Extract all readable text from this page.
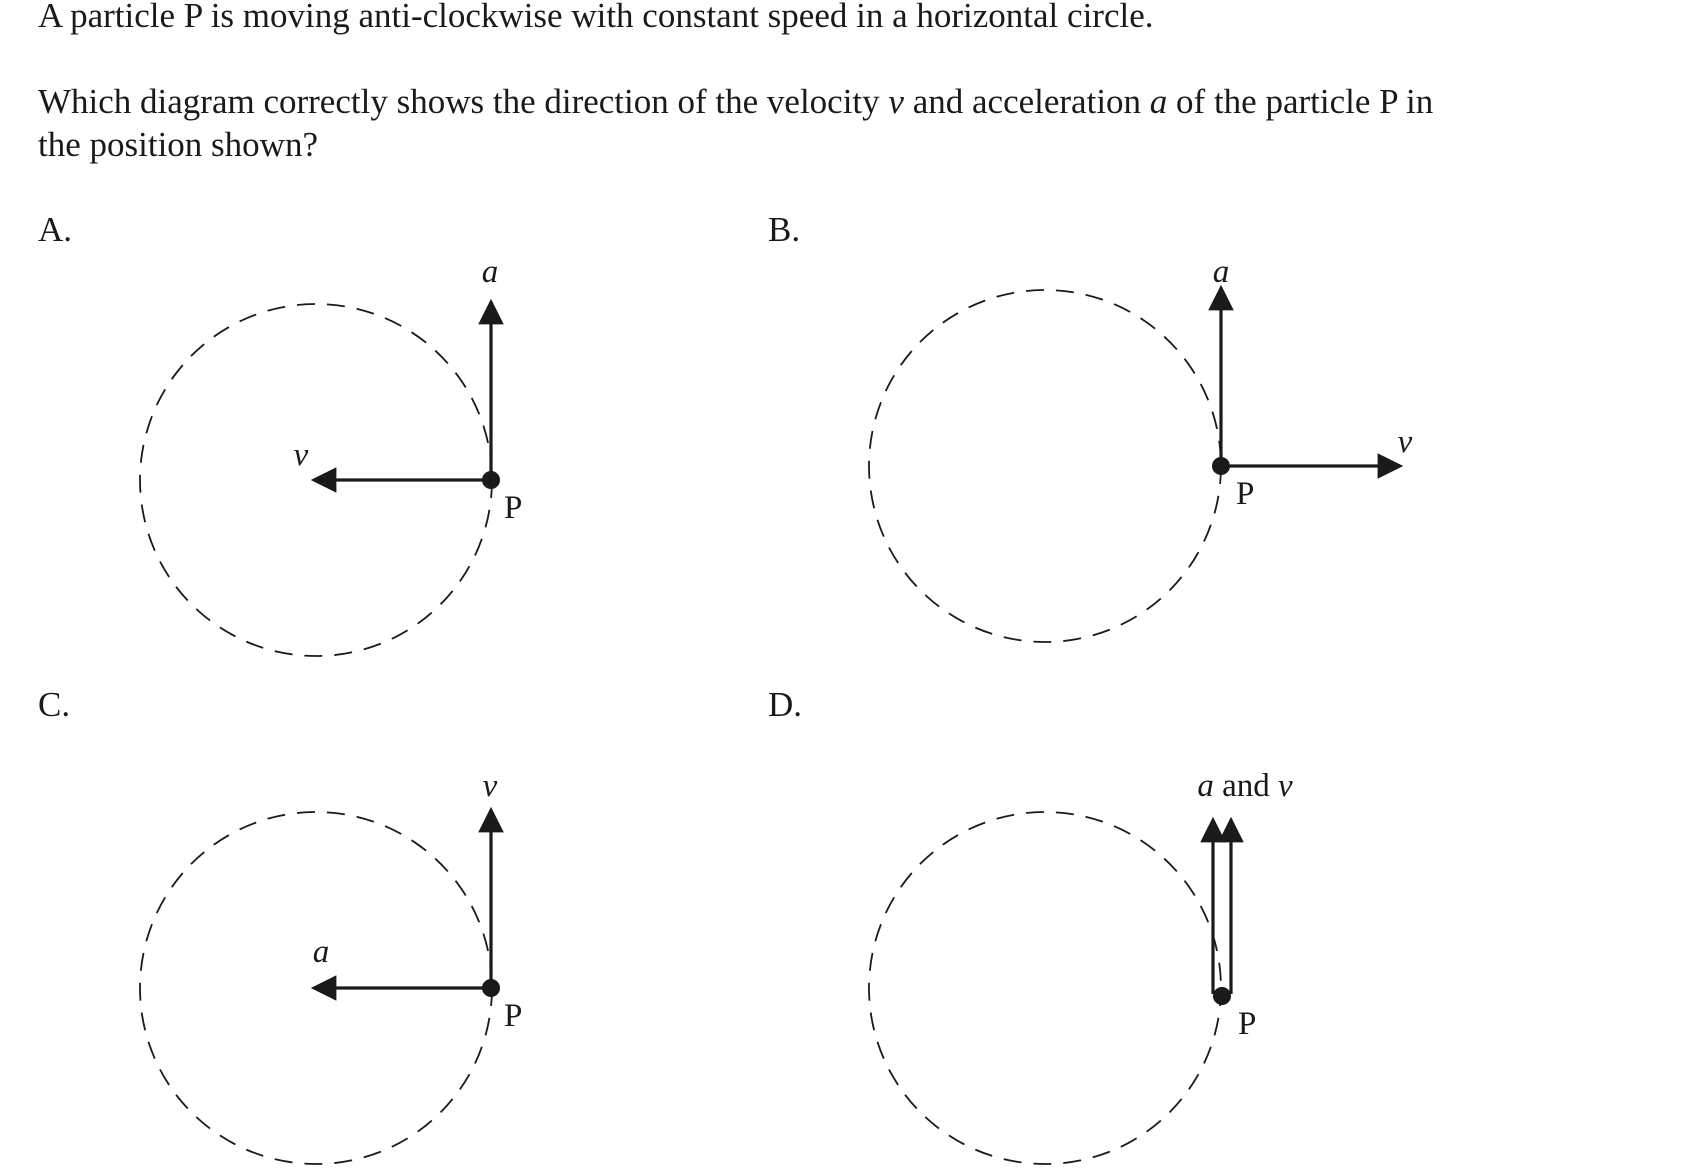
A particle P is moving anti-clockwise with constant speed in a horizontal circle.

Which diagram correctly shows the direction of the velocity v and acceleration a of the particle P in

the position shown?

A.	B.
C.	D.
a
v
P
a
v
P
v
a
P
a and v
P
